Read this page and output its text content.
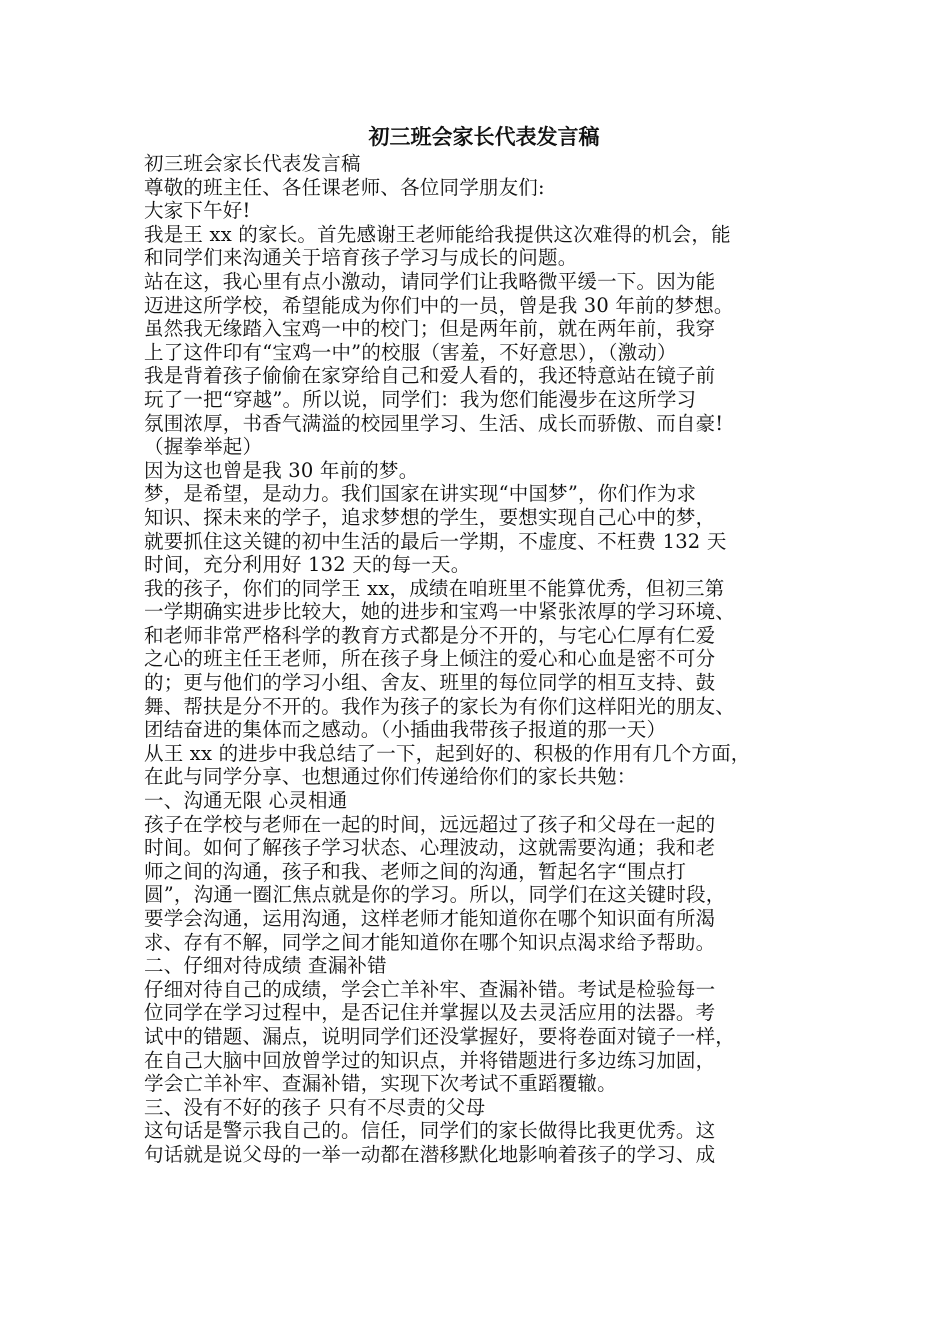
初三班会家长代表发言稿
初三班会家长代表发言稿
尊敬的班主任、各任课老师、各位同学朋友们:
大家下午好!
我是王 xx 的家长。首先感谢王老师能给我提供这次难得的机会，能
和同学们来沟通关于培育孩子学习与成长的问题。
站在这，我心里有点小激动，请同学们让我略微平缓一下。因为能
迈进这所学校，希望能成为你们中的一员，曾是我 30 年前的梦想。
虽然我无缘踏入宝鸡一中的校门；但是两年前，就在两年前，我穿
上了这件印有“宝鸡一中”的校服（害羞，不好意思），（激动）
我是背着孩子偷偷在家穿给自己和爱人看的，我还特意站在镜子前
玩了一把“穿越”。所以说，同学们：我为您们能漫步在这所学习
氛围浓厚，书香气满溢的校园里学习、生活、成长而骄傲、而自豪!
（握拳举起）
因为这也曾是我 30 年前的梦。
梦，是希望，是动力。我们国家在讲实现“中国梦”，你们作为求
知识、探未来的学子，追求梦想的学生，要想实现自己心中的梦，
就要抓住这关键的初中生活的最后一学期，不虚度、不枉费 132 天
时间，充分利用好 132 天的每一天。
我的孩子，你们的同学王 xx，成绩在咱班里不能算优秀，但初三第
一学期确实进步比较大，她的进步和宝鸡一中紧张浓厚的学习环境、
和老师非常严格科学的教育方式都是分不开的，与宅心仁厚有仁爱
之心的班主任王老师，所在孩子身上倾注的爱心和心血是密不可分
的；更与他们的学习小组、舍友、班里的每位同学的相互支持、鼓
舞、帮扶是分不开的。我作为孩子的家长为有你们这样阳光的朋友、
团结奋进的集体而之感动。（小插曲我带孩子报道的那一天）
从王 xx 的进步中我总结了一下，起到好的、积极的作用有几个方面，
在此与同学分享、也想通过你们传递给你们的家长共勉：
一、沟通无限 心灵相通
孩子在学校与老师在一起的时间，远远超过了孩子和父母在一起的
时间。如何了解孩子学习状态、心理波动，这就需要沟通；我和老
师之间的沟通，孩子和我、老师之间的沟通，暂起名字“围点打
圆”，沟通一圈汇焦点就是你的学习。所以，同学们在这关键时段，
要学会沟通，运用沟通，这样老师才能知道你在哪个知识面有所渴
求、存有不解，同学之间才能知道你在哪个知识点渴求给予帮助。
二、仔细对待成绩 查漏补错
仔细对待自己的成绩，学会亡羊补牢、查漏补错。考试是检验每一
位同学在学习过程中，是否记住并掌握以及去灵活应用的法器。考
试中的错题、漏点，说明同学们还没掌握好，要将卷面对镜子一样，
在自己大脑中回放曾学过的知识点，并将错题进行多边练习加固，
学会亡羊补牢、查漏补错，实现下次考试不重蹈覆辙。
三、没有不好的孩子 只有不尽责的父母
这句话是警示我自己的。信任，同学们的家长做得比我更优秀。这
句话就是说父母的一举一动都在潜移默化地影响着孩子的学习、成
